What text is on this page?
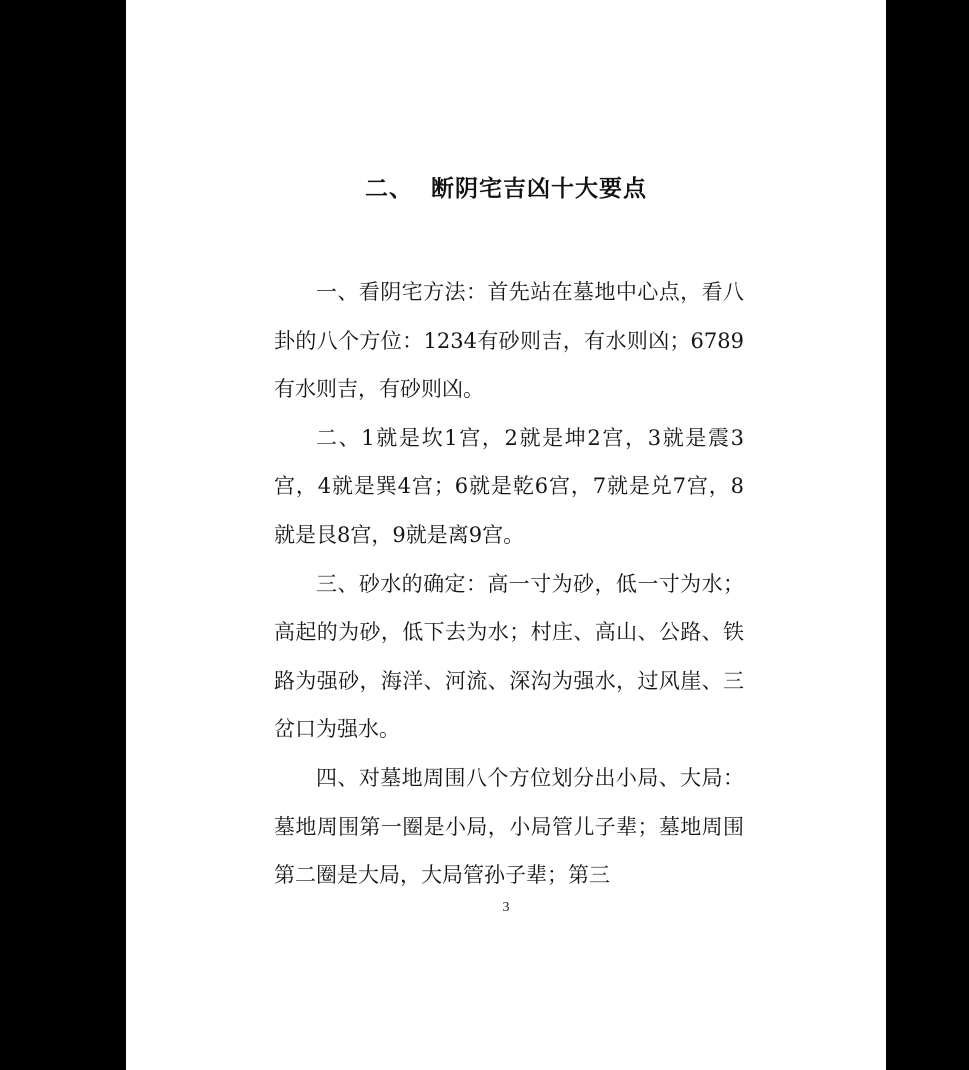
二、  断阴宅吉凶十大要点

一、看阴宅方法：首先站在墓地中心点，看八卦的八个方位：1234有砂则吉，有水则凶；6789有水则吉，有砂则凶。

二、1就是坎1宫，2就是坤2宫，3就是震3宫，4就是巽4宫；6就是乾6宫，7就是兑7宫，8就是艮8宫，9就是离9宫。

三、砂水的确定：高一寸为砂，低一寸为水；高起的为砂，低下去为水；村庄、高山、公路、铁路为强砂，海洋、河流、深沟为强水，过风崖、三岔口为强水。

四、对墓地周围八个方位划分出小局、大局：墓地周围第一圈是小局，小局管儿子辈；墓地周围第二圈是大局，大局管孙子辈；第三

3
